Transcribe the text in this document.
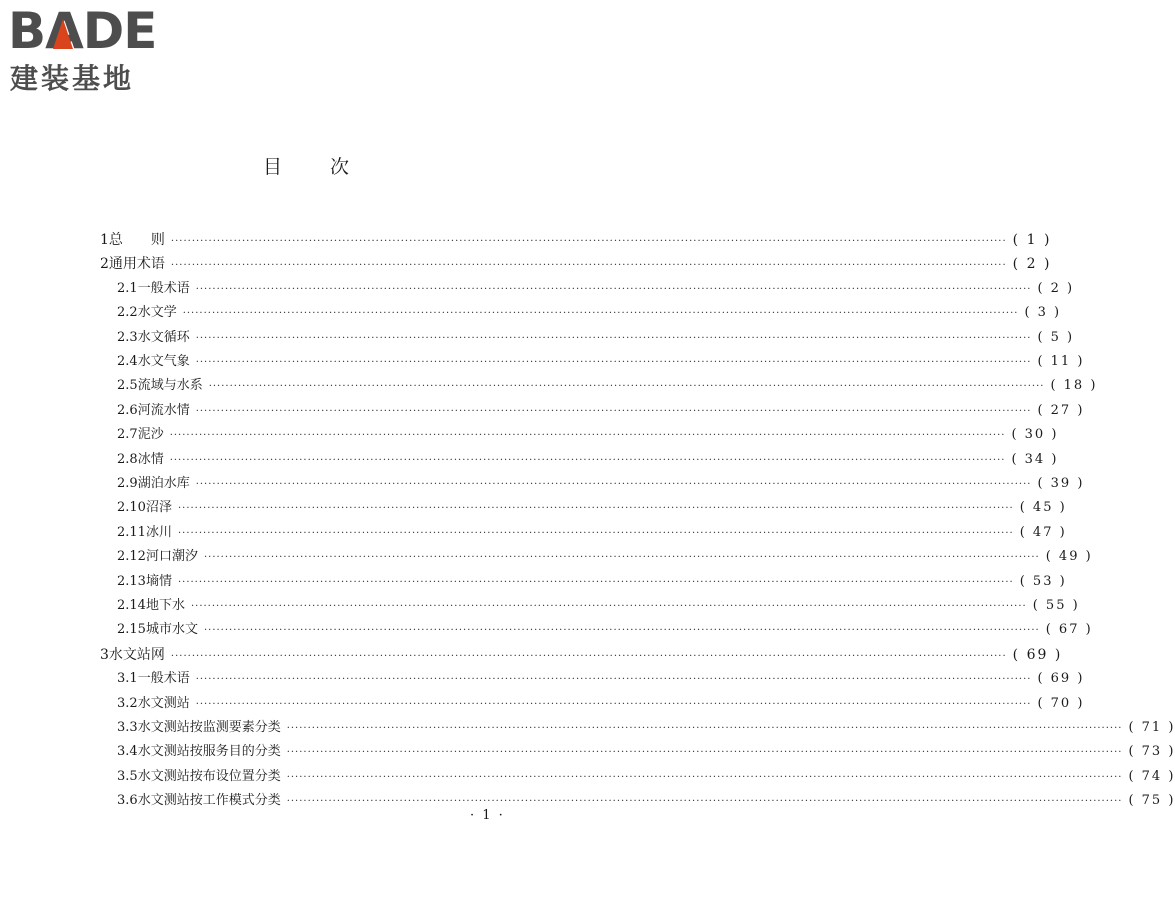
BADE
建装基地
目	次
1 总　　则 ········································································································································································································ ( 1 )
2 通用术语 ········································································································································································································ ( 2 )
2.1 一般术语 ········································································································································································································ ( 2 )
2.2 水文学 ········································································································································································································ ( 3 )
2.3 水文循环 ········································································································································································································ ( 5 )
2.4 水文气象 ········································································································································································································ ( 11 )
2.5 流域与水系 ········································································································································································································ ( 18 )
2.6 河流水情 ········································································································································································································ ( 27 )
2.7 泥沙 ········································································································································································································ ( 30 )
2.8 冰情 ········································································································································································································ ( 34 )
2.9 湖泊水库 ········································································································································································································ ( 39 )
2.10 沼泽 ········································································································································································································ ( 45 )
2.11 冰川 ········································································································································································································ ( 47 )
2.12 河口潮汐 ········································································································································································································ ( 49 )
2.13 墒情 ········································································································································································································ ( 53 )
2.14 地下水 ········································································································································································································ ( 55 )
2.15 城市水文 ········································································································································································································ ( 67 )
3 水文站网 ········································································································································································································ ( 69 )
3.1 一般术语 ········································································································································································································ ( 69 )
3.2 水文测站 ········································································································································································································ ( 70 )
3.3 水文测站按监测要素分类 ········································································································································································································ ( 71 )
3.4 水文测站按服务目的分类 ········································································································································································································ ( 73 )
3.5 水文测站按布设位置分类 ········································································································································································································ ( 74 )
3.6 水文测站按工作模式分类 ········································································································································································································ ( 75 )
· 1 ·
